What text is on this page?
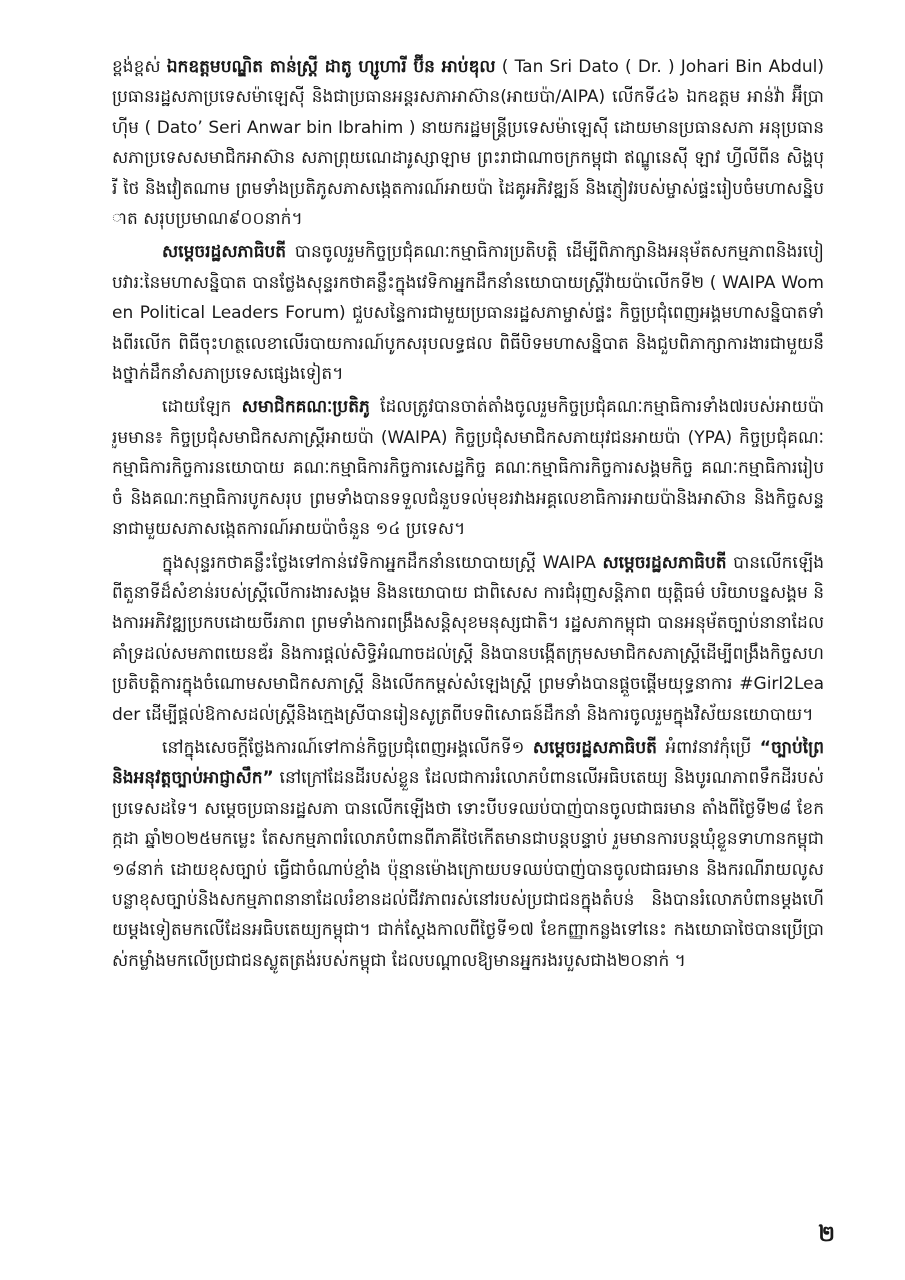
ខ្ពង់ខ្ពស់ ឯកឧត្តមបណ្ឌិត តាន់ស្រ្តី ដាតូ ហ្សូហារី ប៊ីន អាប់ឌុល ( Tan Sri Dato ( Dr. ) Johari Bin Abdul) ប្រធានរដ្ឋសភាប្រទេសម៉ាឡេស៊ី និងជាប្រធានអន្តរសភាអាស៊ាន(អាយប៉ា/AIPA) លើកទី៤៦ ឯកឧត្តម អាន់វ៉ា អ៊ីប្រាហ៊ីម ( Dato’ Seri Anwar bin Ibrahim ) នាយករដ្ឋមន្ត្រីប្រទេសម៉ាឡេស៊ី ដោយមានប្រធានសភា អនុប្រធានសភាប្រទេសសមាជិកអាស៊ាន សភាព្រុយណេដារូស្សាឡាម ព្រះរាជាណាចក្រកម្ពុជា ឥណ្ឌូនេស៊ី ឡាវ ហ្វីលីពីន សិង្ហបុរី ថៃ និងវៀតណាម ព្រមទាំងប្រតិភូសភាសង្កេតការណ៍អាយប៉ា ដៃគូអភិវឌ្ឍន៍ និងភ្ញៀវរបស់ម្ចាស់ផ្ទះរៀបចំមហាសន្និបាត សរុបប្រមាណ៩០០នាក់។

សម្តេចរដ្ឋសភាធិបតី បានចូលរួមកិច្ចប្រជុំគណៈកម្មាធិការប្រតិបត្តិ ដើម្បីពិភាក្សានិងអនុម័តសកម្មភាពនិងរបៀបវារៈនៃមហាសន្និបាត បានថ្លែងសុន្ទរកថាគន្លឹះក្នុងវេទិកាអ្នកដឹកនាំនយោបាយស្ត្រីវ៉ាយប៉ាលើកទី២ ( WAIPA Women Political Leaders Forum) ជួបសនៃ្ទការជាមួយប្រធានរដ្ឋសភាម្ចាស់ផ្ទះ កិច្ចប្រជុំពេញអង្គមហាសន្និបាតទាំងពីរលើក ពិធីចុះហត្ថលេខាលើរបាយការណ៍បូកសរុបលទ្ធផល ពិធីបិទមហាសន្និបាត និងជួបពិភាក្សាការងារជាមួយនឹងថ្នាក់ដឹកនាំសភាប្រទេសផ្សេងទៀត។

ដោយឡែក សមាជិកគណៈប្រតិភូ ដែលត្រូវបានចាត់តាំងចូលរួមកិច្ចប្រជុំគណៈកម្មាធិការទាំង៧របស់អាយប៉ា រួមមាន៖ កិច្ចប្រជុំសមាជិកសភាស្ត្រីអាយប៉ា (WAIPA) កិច្ចប្រជុំសមាជិកសភាយុវជនអាយប៉ា (YPA) កិច្ចប្រជុំគណៈកម្មាធិការកិច្ចការនយោបាយ គណៈកម្មាធិការកិច្ចការសេដ្ឋកិច្ច គណៈកម្មាធិការកិច្ចការសង្គមកិច្ច គណៈកម្មាធិការរៀបចំ និងគណៈកម្មាធិការបូកសរុប ព្រមទាំងបានទទួលជំនួបទល់មុខរវាងអគ្គលេខាធិការអាយប៉ានិងអាស៊ាន និងកិច្ចសន្ទនាជាមួយសភាសង្កេតការណ៍អាយប៉ាចំនួន ១៤ ប្រទេស។

ក្នុងសុន្ទរកថាគន្លឹះថ្លែងទៅកាន់វេទិកាអ្នកដឹកនាំនយោបាយស្ត្រី WAIPA សម្តេចរដ្ឋសភាធិបតី បានលើកឡើងពីតួនាទីដ៏សំខាន់របស់ស្ត្រីលើការងារសង្គម និងនយោបាយ ជាពិសេស ការជំរុញសន្តិភាព យុត្តិធម៌ បរិយាបន្នសង្គម និងការអភិវឌ្ឍប្រកបដោយចីរភាព ព្រមទាំងការពង្រឹងសន្តិសុខមនុស្សជាតិ។ រដ្ឋសភាកម្ពុជា បានអនុម័តច្បាប់នានាដែលគាំទ្រដល់សមភាពយេនឌ័រ និងការផ្តល់សិទ្ធិអំណាចដល់ស្ត្រី និងបានបង្កើតក្រុមសមាជិកសភាស្ត្រីដើម្បីពង្រឹងកិច្ចសហប្រតិបត្តិការក្នុងចំណោមសមាជិកសភាស្ត្រី និងលើកកម្ពស់សំឡេងស្ត្រី ព្រមទាំងបានផ្តួចផ្តើមយុទ្ធនាការ #Girl2Leader ដើម្បីផ្តល់ឱកាសដល់ស្ត្រីនិងក្មេងស្រីបានរៀនសូត្រពីបទពិសោធន៍ដឹកនាំ និងការចូលរួមក្នុងវិស័យនយោបាយ។

នៅក្នុងសេចក្តីថ្លែងការណ៍ទៅកាន់កិច្ចប្រជុំពេញអង្គលើកទី១ សម្តេចរដ្ឋសភាធិបតី អំពាវនាវកុំប្រើ “ច្បាប់ព្រៃ និងអនុវត្តច្បាប់អាជ្ញាសឹក” នៅក្រៅដែនដីរបស់ខ្លួន ដែលជាការរំលោភបំពានលើអធិបតេយ្យ និងបូរណភាពទឹកដីរបស់ប្រទេសដទៃ។ សម្តេចប្រធានរដ្ឋសភា បានលើកឡើងថា ទោះបីបទឈប់បាញ់បានចូលជាធរមាន តាំងពីថ្ងៃទី២៨ ខែកក្កដា ឆ្នាំ២០២៥មកម្លេះ តែសកម្មភាពរំលោភបំពានពីភាគីថៃកើតមានជាបន្តបន្ទាប់ រួមមានការបន្តឃុំខ្លួនទាហានកម្ពុជា ១៨នាក់ ដោយខុសច្បាប់ ធ្វើជាចំណាប់ខ្មាំង ប៉ុន្មានម៉ោងក្រោយបទឈប់បាញ់បានចូលជាធរមាន និងករណីរាយលូសបន្លាខុសច្បាប់និងសកម្មភាពនានាដែលរំខានដល់ជីវភាពរស់នៅរបស់ប្រជាជនក្នុងតំបន់ និងបានរំលោភបំពានម្តងហើយម្តងទៀតមកលើដែនអធិបតេយ្យកម្ពុជា។ ជាក់ស្តែងកាលពីថ្ងៃទី១៧ ខែកញ្ញាកន្លងទៅនេះ កងយោធាថៃបានប្រើប្រាស់កម្លាំងមកលើប្រជាជនស្លូតត្រង់របស់កម្ពុជា ដែលបណ្តាលឱ្យមានអ្នករងរបួសជាង២០នាក់ ។

២
